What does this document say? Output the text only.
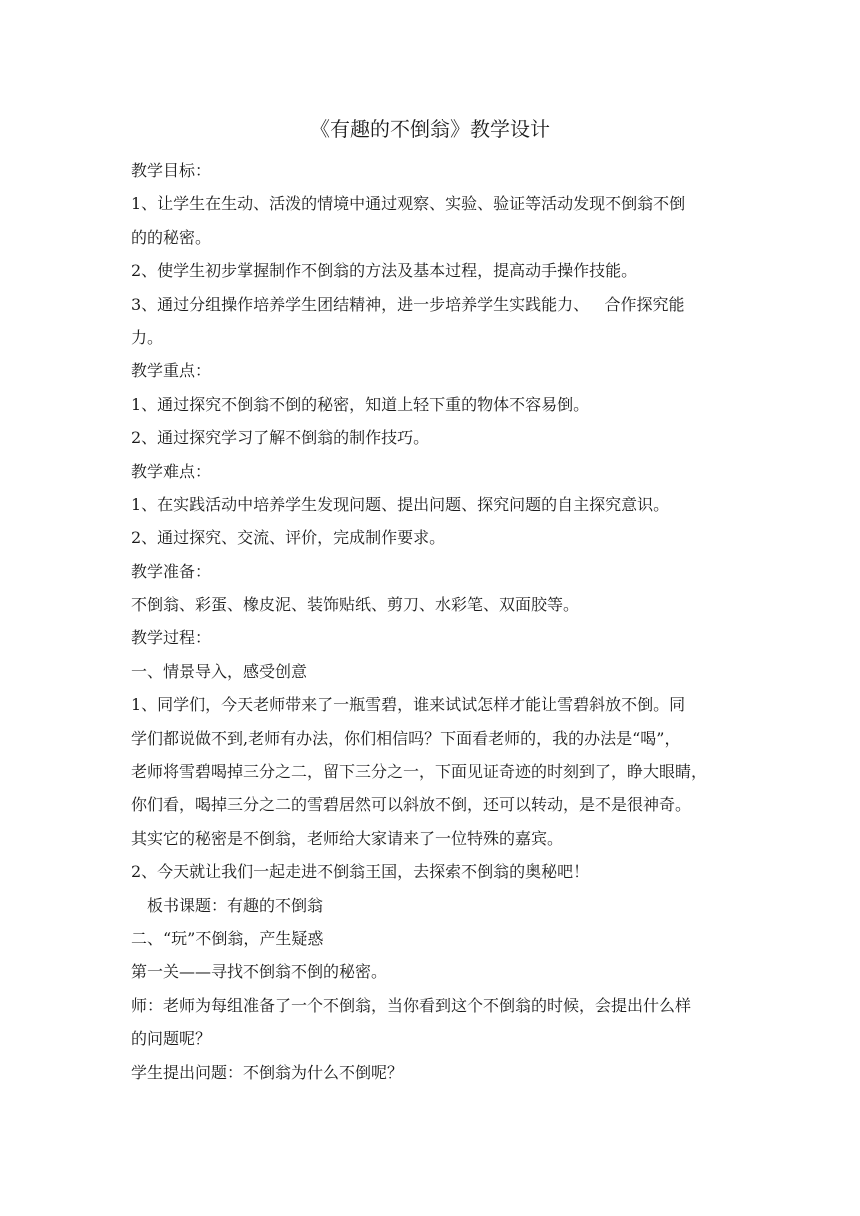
《有趣的不倒翁》教学设计
教学目标：
1、让学生在生动、活泼的情境中通过观察、实验、验证等活动发现不倒翁不倒
的的秘密。
2、使学生初步掌握制作不倒翁的方法及基本过程，提高动手操作技能。
3、通过分组操作培养学生团结精神，进一步培养学生实践能力、   合作探究能
力。
教学重点：
1、通过探究不倒翁不倒的秘密，知道上轻下重的物体不容易倒。
2、通过探究学习了解不倒翁的制作技巧。
教学难点：
1、在实践活动中培养学生发现问题、提出问题、探究问题的自主探究意识。
2、通过探究、交流、评价，完成制作要求。
教学准备：
不倒翁、彩蛋、橡皮泥、装饰贴纸、剪刀、水彩笔、双面胶等。
教学过程：
一、情景导入，感受创意
1、同学们，今天老师带来了一瓶雪碧，谁来试试怎样才能让雪碧斜放不倒。同
学们都说做不到,老师有办法，你们相信吗？下面看老师的，我的办法是“喝”，
老师将雪碧喝掉三分之二，留下三分之一，下面见证奇迹的时刻到了，睁大眼睛，
你们看，喝掉三分之二的雪碧居然可以斜放不倒，还可以转动，是不是很神奇。
其实它的秘密是不倒翁，老师给大家请来了一位特殊的嘉宾。
2、今天就让我们一起走进不倒翁王国，去探索不倒翁的奥秘吧！
板书课题：有趣的不倒翁
二、“玩”不倒翁，产生疑惑
第一关——寻找不倒翁不倒的秘密。
师：老师为每组准备了一个不倒翁，当你看到这个不倒翁的时候，会提出什么样
的问题呢？
学生提出问题：不倒翁为什么不倒呢？
